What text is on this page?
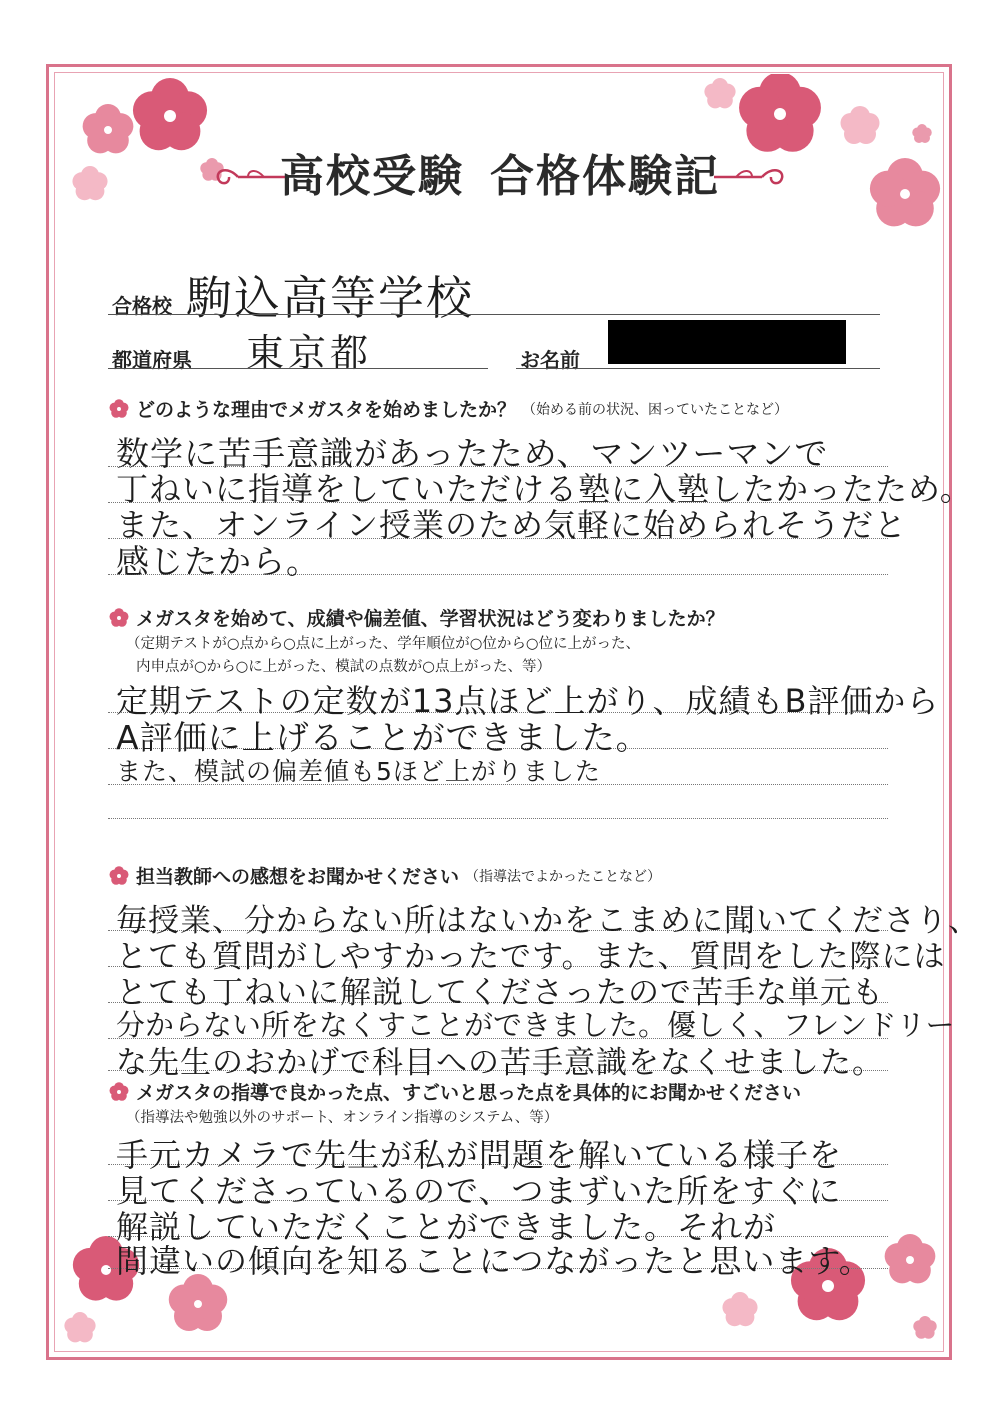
高校受験 合格体験記
合格校 駒込高等学校
都道府県 東京都	お名前
どのような理由でメガスタを始めましたか？ （始める前の状況、困っていたことなど）
数学に苦手意識があったため、マンツーマンで
丁ねいに指導をしていただける塾に入塾したかったため。
また、オンライン授業のため気軽に始められそうだと
感じたから。
メガスタを始めて、成績や偏差値、学習状況はどう変わりましたか？
（定期テストが○点から○点に上がった、学年順位が○位から○位に上がった、
内申点が○から○に上がった、模試の点数が○点上がった、等）
定期テストの定数が13点ほど上がり、成績もB評価から
A評価に上げることができました。
また、模試の偏差値も5ほど上がりました
担当教師への感想をお聞かせください （指導法でよかったことなど）
毎授業、分からない所はないかをこまめに聞いてくださり、
とても質問がしやすかったです。また、質問をした際には
とても丁ねいに解説してくださったので苦手な単元も
分からない所をなくすことができました。優しく、フレンドリー
な先生のおかげで科目への苦手意識をなくせました。
メガスタの指導で良かった点、すごいと思った点を具体的にお聞かせください
（指導法や勉強以外のサポート、オンライン指導のシステム、等）
手元カメラで先生が私が問題を解いている様子を
見てくださっているので、つまずいた所をすぐに
解説していただくことができました。それが
間違いの傾向を知ることにつながったと思います。
